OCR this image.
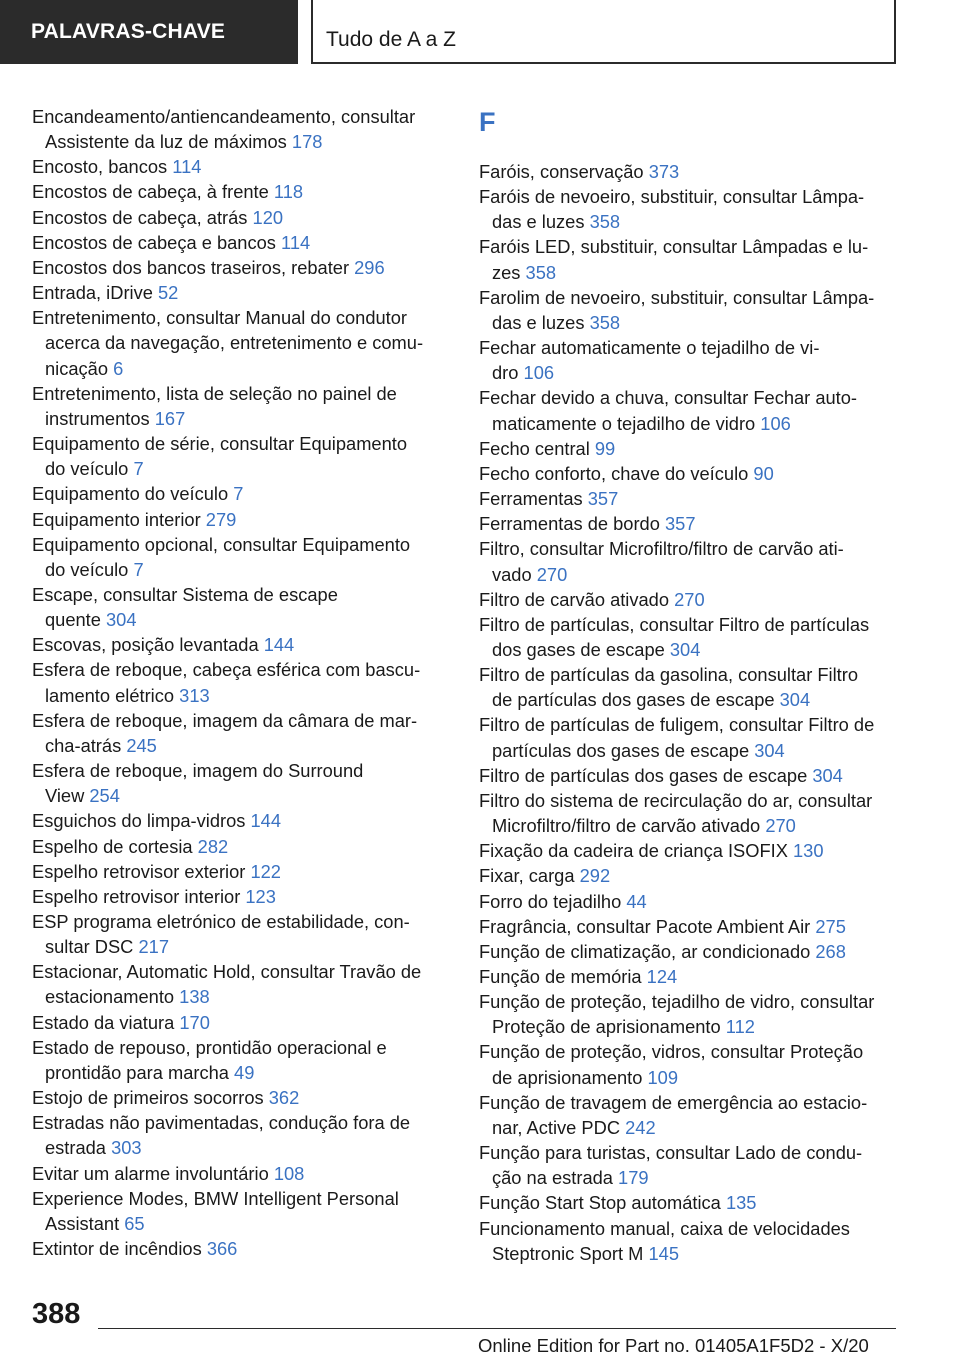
PALAVRAS-CHAVE	Tudo de A a Z
Encandeamento/antiencandeamento, consultar
Assistente da luz de máximos 178
Encosto, bancos 114
Encostos de cabeça, à frente 118
Encostos de cabeça, atrás 120
Encostos de cabeça e bancos 114
Encostos dos bancos traseiros, rebater 296
Entrada, iDrive 52
Entretenimento, consultar Manual do condutor
acerca da navegação, entretenimento e comu-
nicação 6
Entretenimento, lista de seleção no painel de
instrumentos 167
Equipamento de série, consultar Equipamento
do veículo 7
Equipamento do veículo 7
Equipamento interior 279
Equipamento opcional, consultar Equipamento
do veículo 7
Escape, consultar Sistema de escape
quente 304
Escovas, posição levantada 144
Esfera de reboque, cabeça esférica com bascu-
lamento elétrico 313
Esfera de reboque, imagem da câmara de mar-
cha-atrás 245
Esfera de reboque, imagem do Surround
View 254
Esguichos do limpa-vidros 144
Espelho de cortesia 282
Espelho retrovisor exterior 122
Espelho retrovisor interior 123
ESP programa eletrónico de estabilidade, con-
sultar DSC 217
Estacionar, Automatic Hold, consultar Travão de
estacionamento 138
Estado da viatura 170
Estado de repouso, prontidão operacional e
prontidão para marcha 49
Estojo de primeiros socorros 362
Estradas não pavimentadas, condução fora de
estrada 303
Evitar um alarme involuntário 108
Experience Modes, BMW Intelligent Personal
Assistant 65
Extintor de incêndios 366
F
Faróis, conservação 373
Faróis de nevoeiro, substituir, consultar Lâmpa-
das e luzes 358
Faróis LED, substituir, consultar Lâmpadas e lu-
zes 358
Farolim de nevoeiro, substituir, consultar Lâmpa-
das e luzes 358
Fechar automaticamente o tejadilho de vi-
dro 106
Fechar devido a chuva, consultar Fechar auto-
maticamente o tejadilho de vidro 106
Fecho central 99
Fecho conforto, chave do veículo 90
Ferramentas 357
Ferramentas de bordo 357
Filtro, consultar Microfiltro/filtro de carvão ati-
vado 270
Filtro de carvão ativado 270
Filtro de partículas, consultar Filtro de partículas
dos gases de escape 304
Filtro de partículas da gasolina, consultar Filtro
de partículas dos gases de escape 304
Filtro de partículas de fuligem, consultar Filtro de
partículas dos gases de escape 304
Filtro de partículas dos gases de escape 304
Filtro do sistema de recirculação do ar, consultar
Microfiltro/filtro de carvão ativado 270
Fixação da cadeira de criança ISOFIX 130
Fixar, carga 292
Forro do tejadilho 44
Fragrância, consultar Pacote Ambient Air 275
Função de climatização, ar condicionado 268
Função de memória 124
Função de proteção, tejadilho de vidro, consultar
Proteção de aprisionamento 112
Função de proteção, vidros, consultar Proteção
de aprisionamento 109
Função de travagem de emergência ao estacio-
nar, Active PDC 242
Função para turistas, consultar Lado de condu-
ção na estrada 179
Função Start Stop automática 135
Funcionamento manual, caixa de velocidades
Steptronic Sport M 145
388
Online Edition for Part no. 01405A1F5D2 - X/20
